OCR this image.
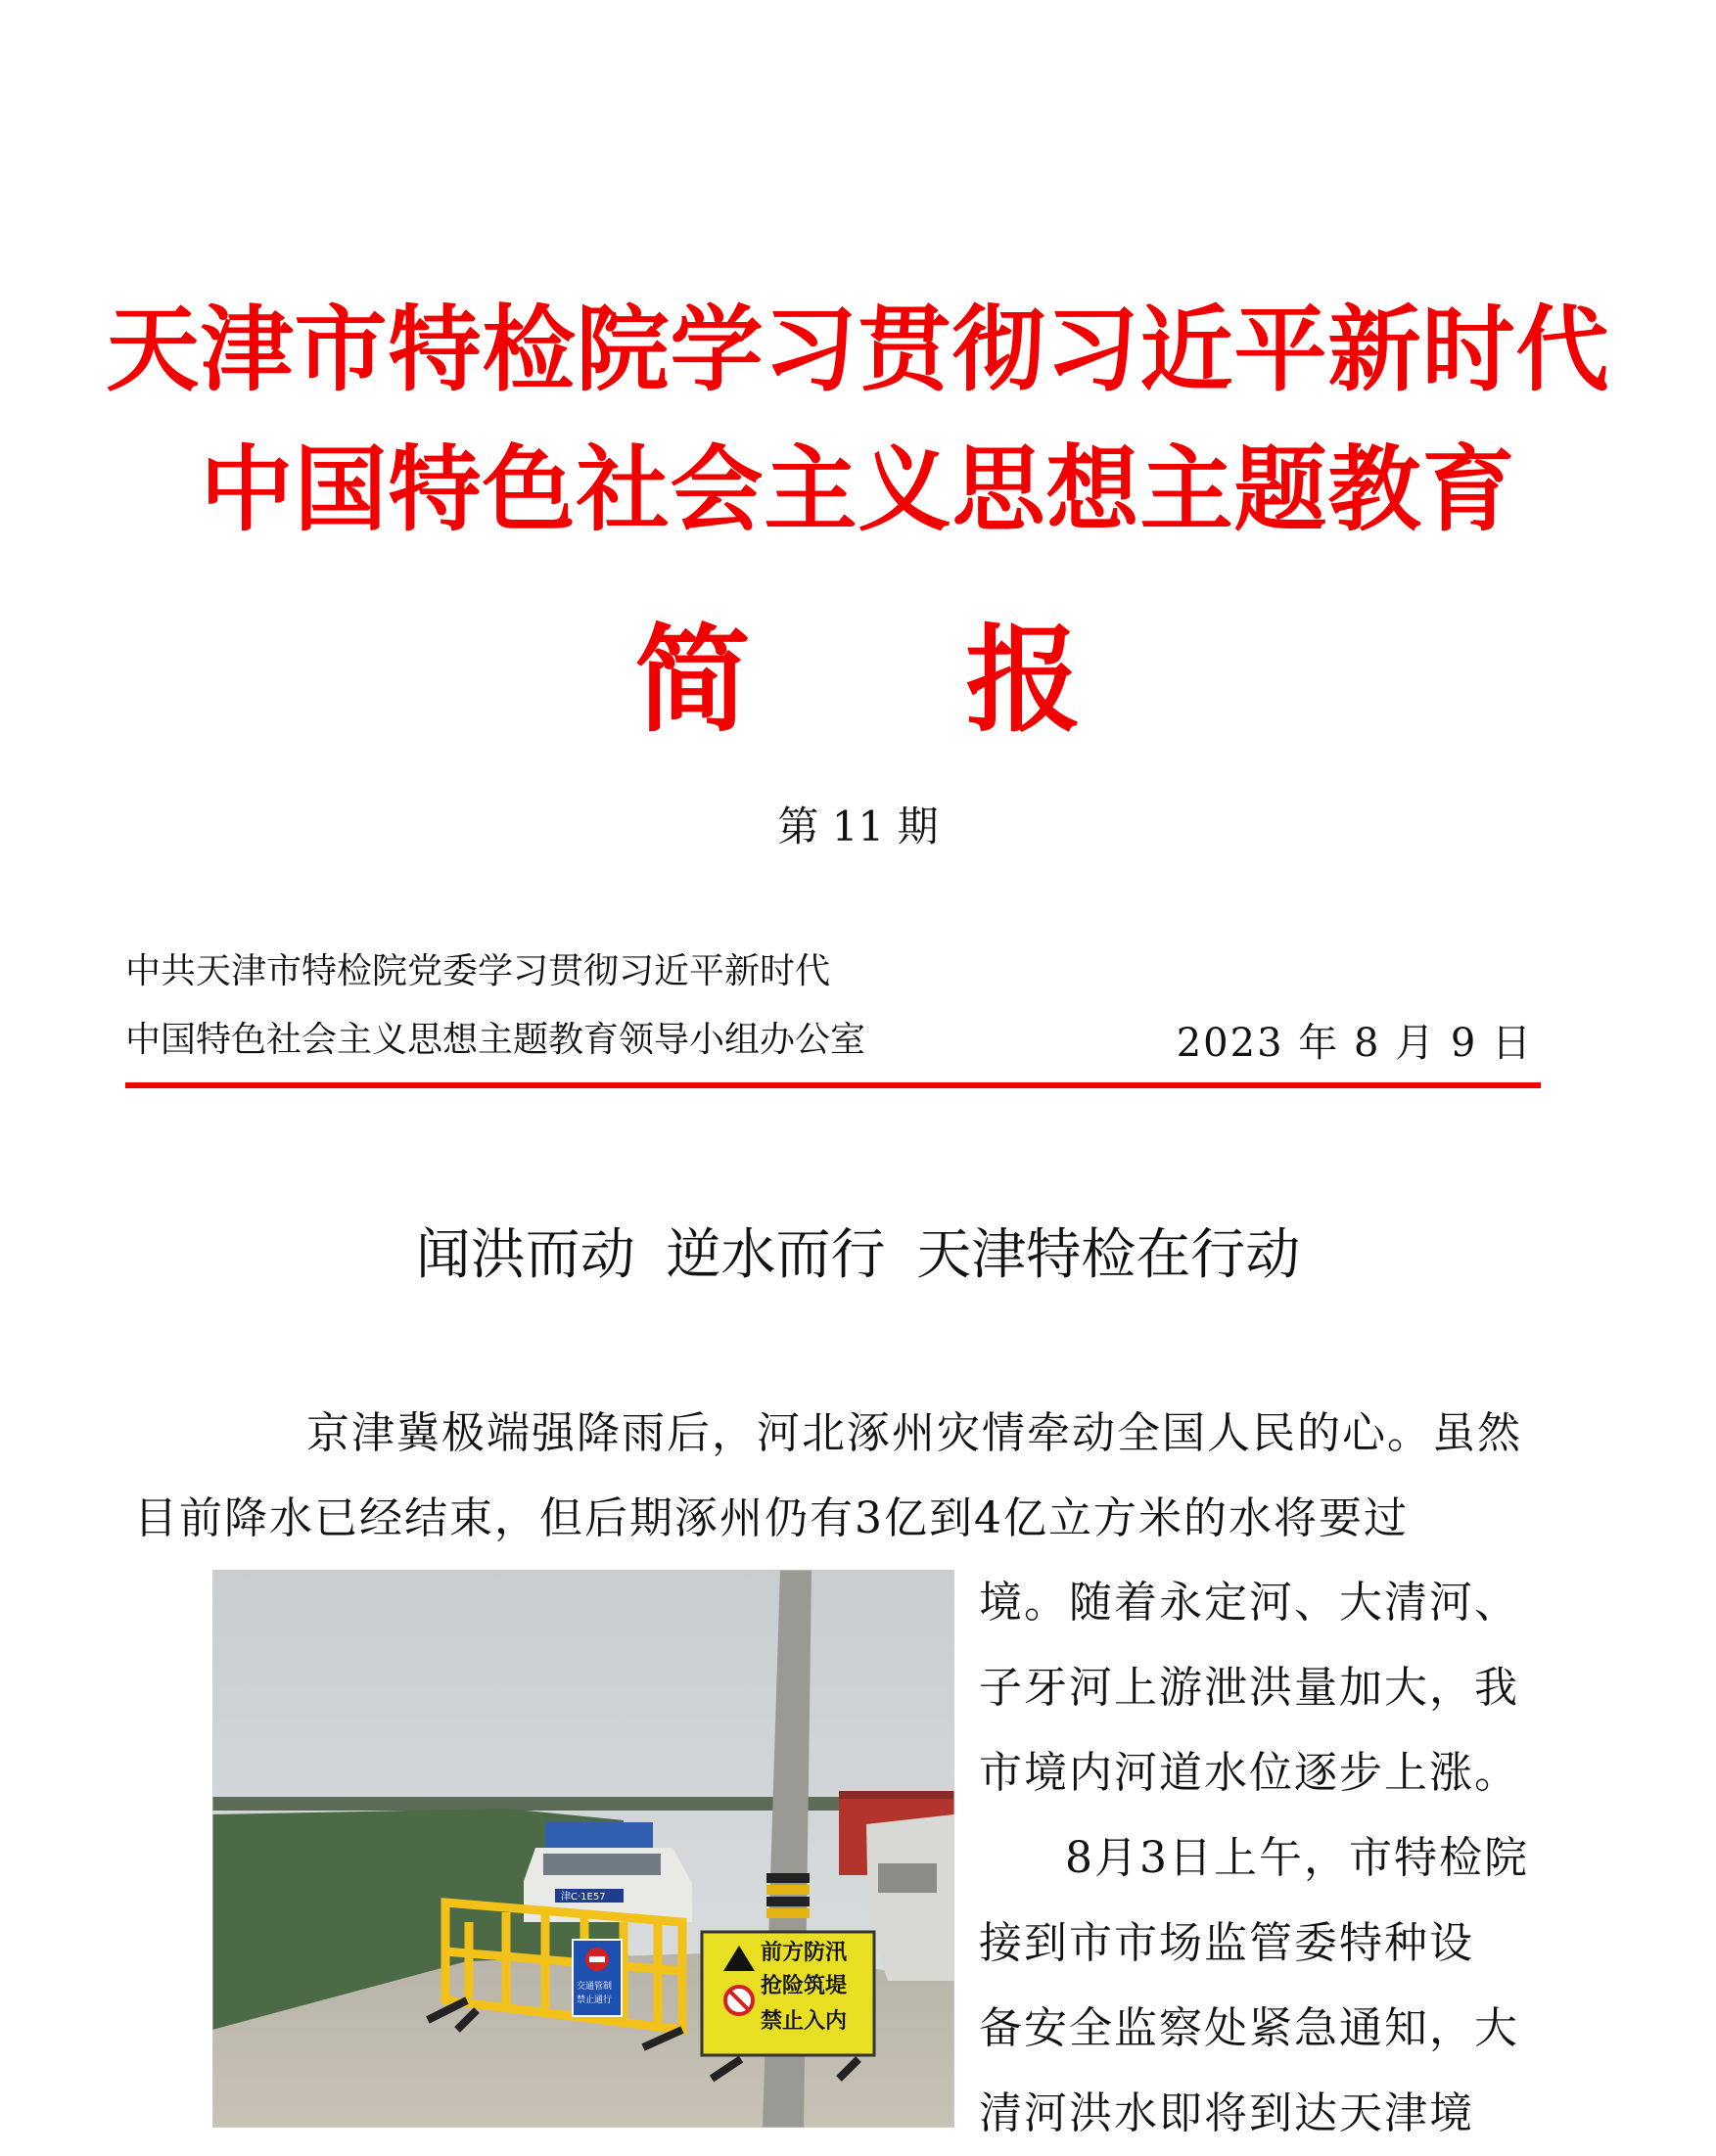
天津市特检院学习贯彻习近平新时代
中国特色社会主义思想主题教育
简报
第 11 期
中共天津市特检院党委学习贯彻习近平新时代
中国特色社会主义思想主题教育领导小组办公室	2023 年 8 月 9 日
闻洪而动 逆水而行 天津特检在行动
京津冀极端强降雨后，河北涿州灾情牵动全国人民的心。虽然
目前降水已经结束，但后期涿州仍有3亿到4亿立方米的水将要过
境。随着永定河、大清河、
子牙河上游泄洪量加大，我
市境内河道水位逐步上涨。
8月3日上午，市特检院
接到市市场监管委特种设
备安全监察处紧急通知，大
清河洪水即将到达天津境
津C·1E57
交通管制
禁止通行
前方防汛
抢险筑堤
禁止入内
